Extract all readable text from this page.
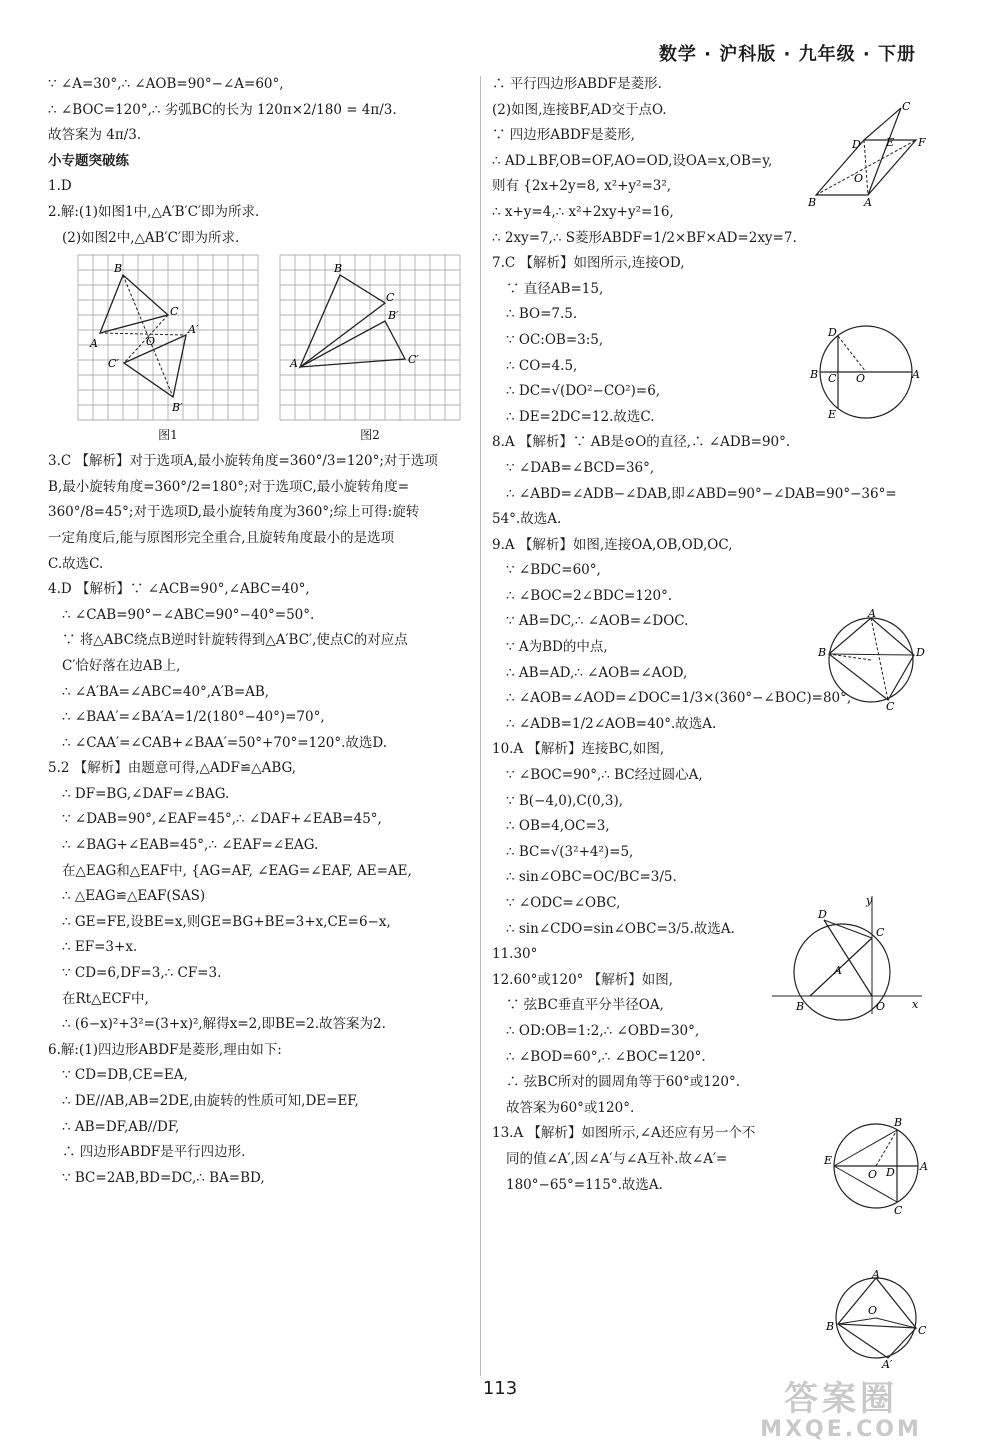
数学 · 沪科版 · 九年级 · 下册
∵ ∠A=30°,∴ ∠AOB=90°−∠A=60°,
∴ ∠BOC=120°,∴ 劣弧BC的长为 120π×2/180 = 4π/3.
故答案为 4π/3.
小专题突破练
1.D
2.解:(1)如图1中,△A′B′C′即为所求.
(2)如图2中,△AB′C′即为所求.
B
C
A	O
A′
C′
B′
图1
A
B
C
B′
C′
图2
3.C 【解析】对于选项A,最小旋转角度=360°/3=120°;对于选项
B,最小旋转角度=360°/2=180°;对于选项C,最小旋转角度=
360°/8=45°;对于选项D,最小旋转角度为360°;综上可得:旋转
一定角度后,能与原图形完全重合,且旋转角度最小的是选项
C.故选C.
4.D 【解析】∵ ∠ACB=90°,∠ABC=40°,
∴ ∠CAB=90°−∠ABC=90°−40°=50°.
∵ 将△ABC绕点B逆时针旋转得到△A′BC′,使点C的对应点
C′恰好落在边AB上,
∴ ∠A′BA=∠ABC=40°,A′B=AB,
∴ ∠BAA′=∠BA′A=1/2(180°−40°)=70°,
∴ ∠CAA′=∠CAB+∠BAA′=50°+70°=120°.故选D.
5.2 【解析】由题意可得,△ADF≌△ABG,
∴ DF=BG,∠DAF=∠BAG.
∵ ∠DAB=90°,∠EAF=45°,∴ ∠DAF+∠EAB=45°,
∴ ∠BAG+∠EAB=45°,∴ ∠EAF=∠EAG.
在△EAG和△EAF中, {AG=AF, ∠EAG=∠EAF, AE=AE,
∴ △EAG≌△EAF(SAS)
∴ GE=FE,设BE=x,则GE=BG+BE=3+x,CE=6−x,
∴ EF=3+x.
∵ CD=6,DF=3,∴ CF=3.
在Rt△ECF中,
∴ (6−x)²+3²=(3+x)²,解得x=2,即BE=2.故答案为2.
6.解:(1)四边形ABDF是菱形,理由如下:
∵ CD=DB,CE=EA,
∴ DE//AB,AB=2DE,由旋转的性质可知,DE=EF,
∴ AB=DF,AB//DF,
∴ 四边形ABDF是平行四边形.
∵ BC=2AB,BD=DC,∴ BA=BD,
∴ 平行四边形ABDF是菱形.
(2)如图,连接BF,AD交于点O.
∵ 四边形ABDF是菱形,
∴ AD⊥BF,OB=OF,AO=OD,设OA=x,OB=y,
则有 {2x+2y=8, x²+y²=3²,
∴ x+y=4,∴ x²+2xy+y²=16,
∴ 2xy=7,∴ S菱形ABDF=1/2×BF×AD=2xy=7.
7.C 【解析】如图所示,连接OD,
∵ 直径AB=15,
∴ BO=7.5.
∵ OC:OB=3:5,
∴ CO=4.5,
∴ DC=√(DO²−CO²)=6,
∴ DE=2DC=12.故选C.
8.A 【解析】∵ AB是⊙O的直径,∴ ∠ADB=90°.
∵ ∠DAB=∠BCD=36°,
∴ ∠ABD=∠ADB−∠DAB,即∠ABD=90°−∠DAB=90°−36°=
54°.故选A.
9.A 【解析】如图,连接OA,OB,OD,OC,
∵ ∠BDC=60°,
∴ ∠BOC=2∠BDC=120°.
∵ AB=DC,∴ ∠AOB=∠DOC.
∵ A为BD的中点,
∴ AB=AD,∴ ∠AOB=∠AOD,
∴ ∠AOB=∠AOD=∠DOC=1/3×(360°−∠BOC)=80°,
∴ ∠ADB=1/2∠AOB=40°.故选A.
10.A 【解析】连接BC,如图,
∵ ∠BOC=90°,∴ BC经过圆心A,
∵ B(−4,0),C(0,3),
∴ OB=4,OC=3,
∴ BC=√(3²+4²)=5,
∴ sin∠OBC=OC/BC=3/5.
∵ ∠ODC=∠OBC,
∴ sin∠CDO=sin∠OBC=3/5.故选A.
11.30°
12.60°或120° 【解析】如图,
∵ 弦BC垂直平分半径OA,
∴ OD:OB=1:2,∴ ∠OBD=30°,
∴ ∠BOD=60°,∴ ∠BOC=120°.
∴ 弦BC所对的圆周角等于60°或120°.
故答案为60°或120°.
13.A 【解析】如图所示,∠A还应有另一个不
同的值∠A′,因∠A′与∠A互补.故∠A′=
180°−65°=115°.故选A.
C
D E F
O
B	A
D
B C O	A
E
A
B	D
C
B	O
C
D
A
x
y
B
E
O D A
C
A
O
B	C
A′
113	答案圈
MXQE.COM
